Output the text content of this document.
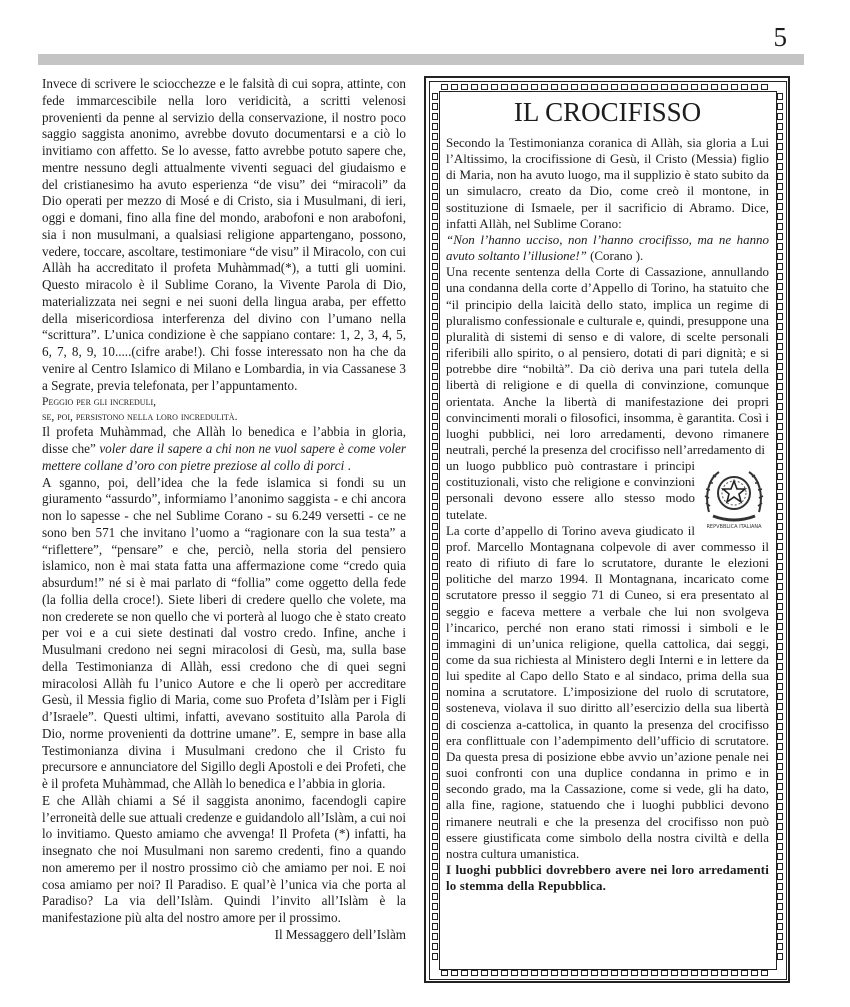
5

Invece di scrivere le sciocchezze e le falsità di cui sopra, attinte, con fede immarcescibile nella loro veridicità, a scritti velenosi provenienti da penne al servizio della conservazione, il nostro poco saggio saggista anonimo, avrebbe dovuto documentarsi e a ciò lo invitiamo con affetto. Se lo avesse, fatto avrebbe potuto sapere che, mentre nessuno degli attualmente viventi seguaci del giudaismo e del cristianesimo ha avuto esperienza “de visu” dei “miracoli” da Dio operati per mezzo di Mosé e di Cristo, sia i Musulmani, di ieri, oggi e domani, fino alla fine del mondo, arabofoni e non arabofoni, sia i non musulmani, a qualsiasi religione appartengano, possono, vedere, toccare, ascoltare, testimoniare “de visu” il Miracolo, con cui Allàh ha accreditato il profeta Muhàmmad(*), a tutti gli uomini. Questo miracolo è il Sublime Corano, la Vivente Parola di Dio, materializzata nei segni e nei suoni della lingua araba, per effetto della misericordiosa interferenza del divino con l’umano nella “scrittura”. L’unica condizione è che sappiano contare: 1, 2, 3, 4, 5, 6, 7, 8, 9, 10.....(cifre arabe!). Chi fosse interessato non ha che da venire al Centro Islamico di Milano e Lombardia, in via Cassanese 3 a Segrate, previa telefonata, per l’appuntamento.

Peggio per gli increduli,

se, poi, persistono nella loro incredulità.

Il profeta Muhàmmad, che Allàh lo benedica e l’abbia in gloria, disse che” voler dare il sapere a chi non ne vuol sapere è come voler mettere collane d’oro con pietre preziose al collo di porci .

A sganno, poi, dell’idea che la fede islamica si fondi su un giuramento “assurdo”, informiamo l’anonimo saggista - e chi ancora non lo sapesse - che nel Sublime Corano - su 6.249 versetti - ce ne sono ben 571 che invitano l’uomo a “ragionare con la sua testa” a “riflettere”, “pensare” e che, perciò, nella storia del pensiero islamico, non è mai stata fatta una affermazione come “credo quia absurdum!” né si è mai parlato di “follia” come oggetto della fede (la follia della croce!). Siete liberi di credere quello che volete, ma non crederete se non quello che vi porterà al luogo che è stato creato per voi e a cui siete destinati dal vostro credo. Infine, anche i Musulmani credono nei segni miracolosi di Gesù, ma, sulla base della Testimonianza di Allàh, essi credono che di quei segni miracolosi Allàh fu l’unico Autore e che li operò per accreditare Gesù, il Messia figlio di Maria, come suo Profeta d’Islàm per i Figli d’Israele”. Questi ultimi, infatti, avevano sostituito alla Parola di Dio, norme provenienti da dottrine umane”. E, sempre in base alla Testimonianza divina i Musulmani credono che il Cristo fu precursore e annunciatore del Sigillo degli Apostoli e dei Profeti, che è il profeta Muhàmmad, che Allàh lo benedica e l’abbia in gloria.

E che Allàh chiami a Sé il saggista anonimo, facendogli capire l’erroneità delle sue attuali credenze e guidandolo all’Islàm, a cui noi lo invitiamo. Questo amiamo che avvenga! Il Profeta (*) infatti, ha insegnato che noi Musulmani non saremo credenti, fino a quando non ameremo per il nostro prossimo ciò che amiamo per noi. E noi cosa amiamo per noi? Il Paradiso. E qual’è l’unica via che porta al Paradiso? La via dell’Islàm. Quindi l’invito all’Islàm è la manifestazione più alta del nostro amore per il prossimo.

Il Messaggero dell’Islàm

IL CROCIFISSO

Secondo la Testimonianza coranica di Allàh, sia gloria a Lui l’Altissimo, la crocifissione di Gesù, il Cristo (Messia) figlio di Maria, non ha avuto luogo, ma il supplizio è stato subito da un simulacro, creato da Dio, come creò il montone, in sostituzione di Ismaele, per il sacrificio di Abramo. Dice, infatti Allàh, nel Sublime Corano:

“Non l’hanno ucciso, non l’hanno crocifisso, ma ne hanno avuto soltanto l’illusione!” (Corano ).

Una recente sentenza della Corte di Cassazione, annullando una condanna della corte d’Appello di Torino, ha statuito che “il principio della laicità dello stato, implica un regime di pluralismo confessionale e culturale e, quindi, presuppone una pluralità di sistemi di senso e di valore, di scelte personali riferibili allo spirito, o al pensiero, dotati di pari dignità; e si potrebbe dire “nobiltà”. Da ciò deriva una pari tutela della libertà di religione e di quella di convinzione, comunque orientata. Anche la libertà di manifestazione dei propri convincimenti morali o filosofici, insomma, è garantita. Così i luoghi pubblici, nei loro arredamenti, devono rimanere neutrali, perché la presenza del crocifisso nell’arredamento di

REPVBBLICA ITALIANA

un luogo pubblico può contrastare i principi costituzionali, visto che religione e convinzioni personali devono essere allo stesso modo tutelate.

La corte d’appello di Torino aveva giudicato il prof. Marcello Montagnana colpevole di aver commesso il reato di rifiuto di fare lo scrutatore, durante le elezioni politiche del marzo 1994. Il Montagnana, incaricato come scrutatore presso il seggio 71 di Cuneo, si era presentato al seggio e faceva mettere a verbale che lui non svolgeva l’incarico, perché non erano stati rimossi i simboli e le immagini di un’unica religione, quella cattolica, dai seggi, come da sua richiesta al Ministero degli Interni e in lettere da lui spedite al Capo dello Stato e al sindaco, prima della sua nomina a scrutatore. L’imposizione del ruolo di scrutatore, sosteneva, violava il suo diritto all’esercizio della sua libertà di coscienza a-cattolica, in quanto la presenza del crocifisso era conflittuale con l’adempimento dell’ufficio di scrutatore. Da questa presa di posizione ebbe avvio un’azione penale nei suoi confronti con una duplice condanna in primo e in secondo grado, ma la Cassazione, come si vede, gli ha dato, alla fine, ragione, statuendo che i luoghi pubblici devono rimanere neutrali e che la presenza del crocifisso non può essere giustificata come simbolo della nostra civiltà e della nostra cultura umanistica.

I luoghi pubblici dovrebbero avere nei loro arredamenti lo stemma della Repubblica.
